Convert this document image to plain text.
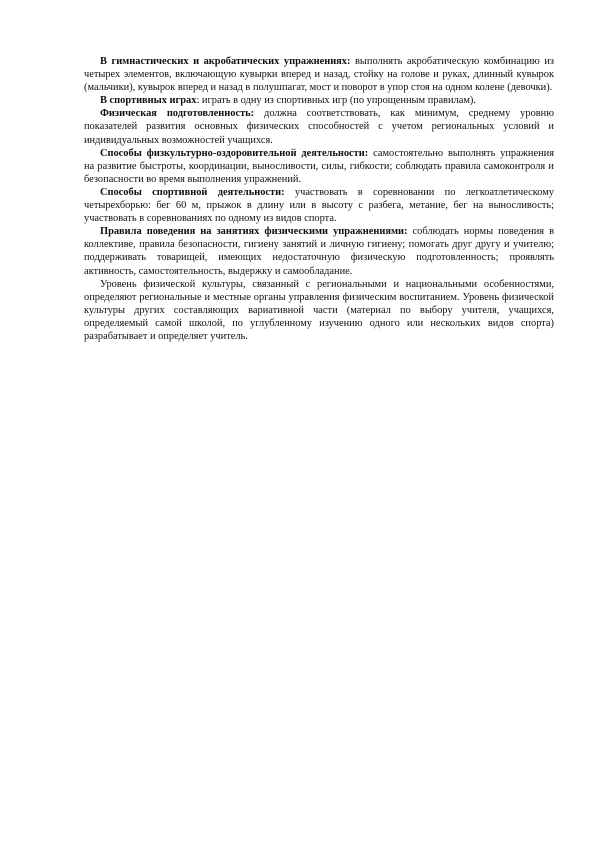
В гимнастических и акробатических упражнениях: выполнять акробатическую комбинацию из четырех элементов, включающую кувырки вперед и назад, стойку на голове и руках, длинный кувырок (мальчики), кувырок вперед и назад в полушпагат, мост и поворот в упор стоя на одном колене (девочки).

В спортивных играх: играть в одну из спортивных игр (по упрощенным правилам).

Физическая подготовленность: должна соответствовать, как минимум, среднему уровню показателей развития основных физических способностей с учетом региональных условий и индивидуальных возможностей учащихся.

Способы физкультурно-оздоровительной деятельности: самостоятельно выполнять упражнения на развитие быстроты, координации, выносливости, силы, гибкости; соблюдать правила самоконтроля и безопасности во время выполнения упражнений.

Способы спортивной деятельности: участвовать в соревновании по легкоатлетическому четырехборью: бег 60 м, прыжок в длину или в высоту с разбега, метание, бег на выносливость; участвовать в соревнованиях по одному из видов спорта.

Правила поведения на занятиях физическими упражнениями: соблюдать нормы поведения в коллективе, правила безопасности, гигиену занятий и личную гигиену; помогать друг другу и учителю; поддерживать товарищей, имеющих недостаточную физическую подготовленность; проявлять активность, самостоятельность, выдержку и самообладание.

Уровень физической культуры, связанный с региональными и национальными особенностями, определяют региональные и местные органы управления физическим воспитанием. Уровень физической культуры других составляющих вариативной части (материал по выбору учителя, учащихся, определяемый самой школой, по углубленному изучению одного или нескольких видов спорта) разрабатывает и определяет учитель.
